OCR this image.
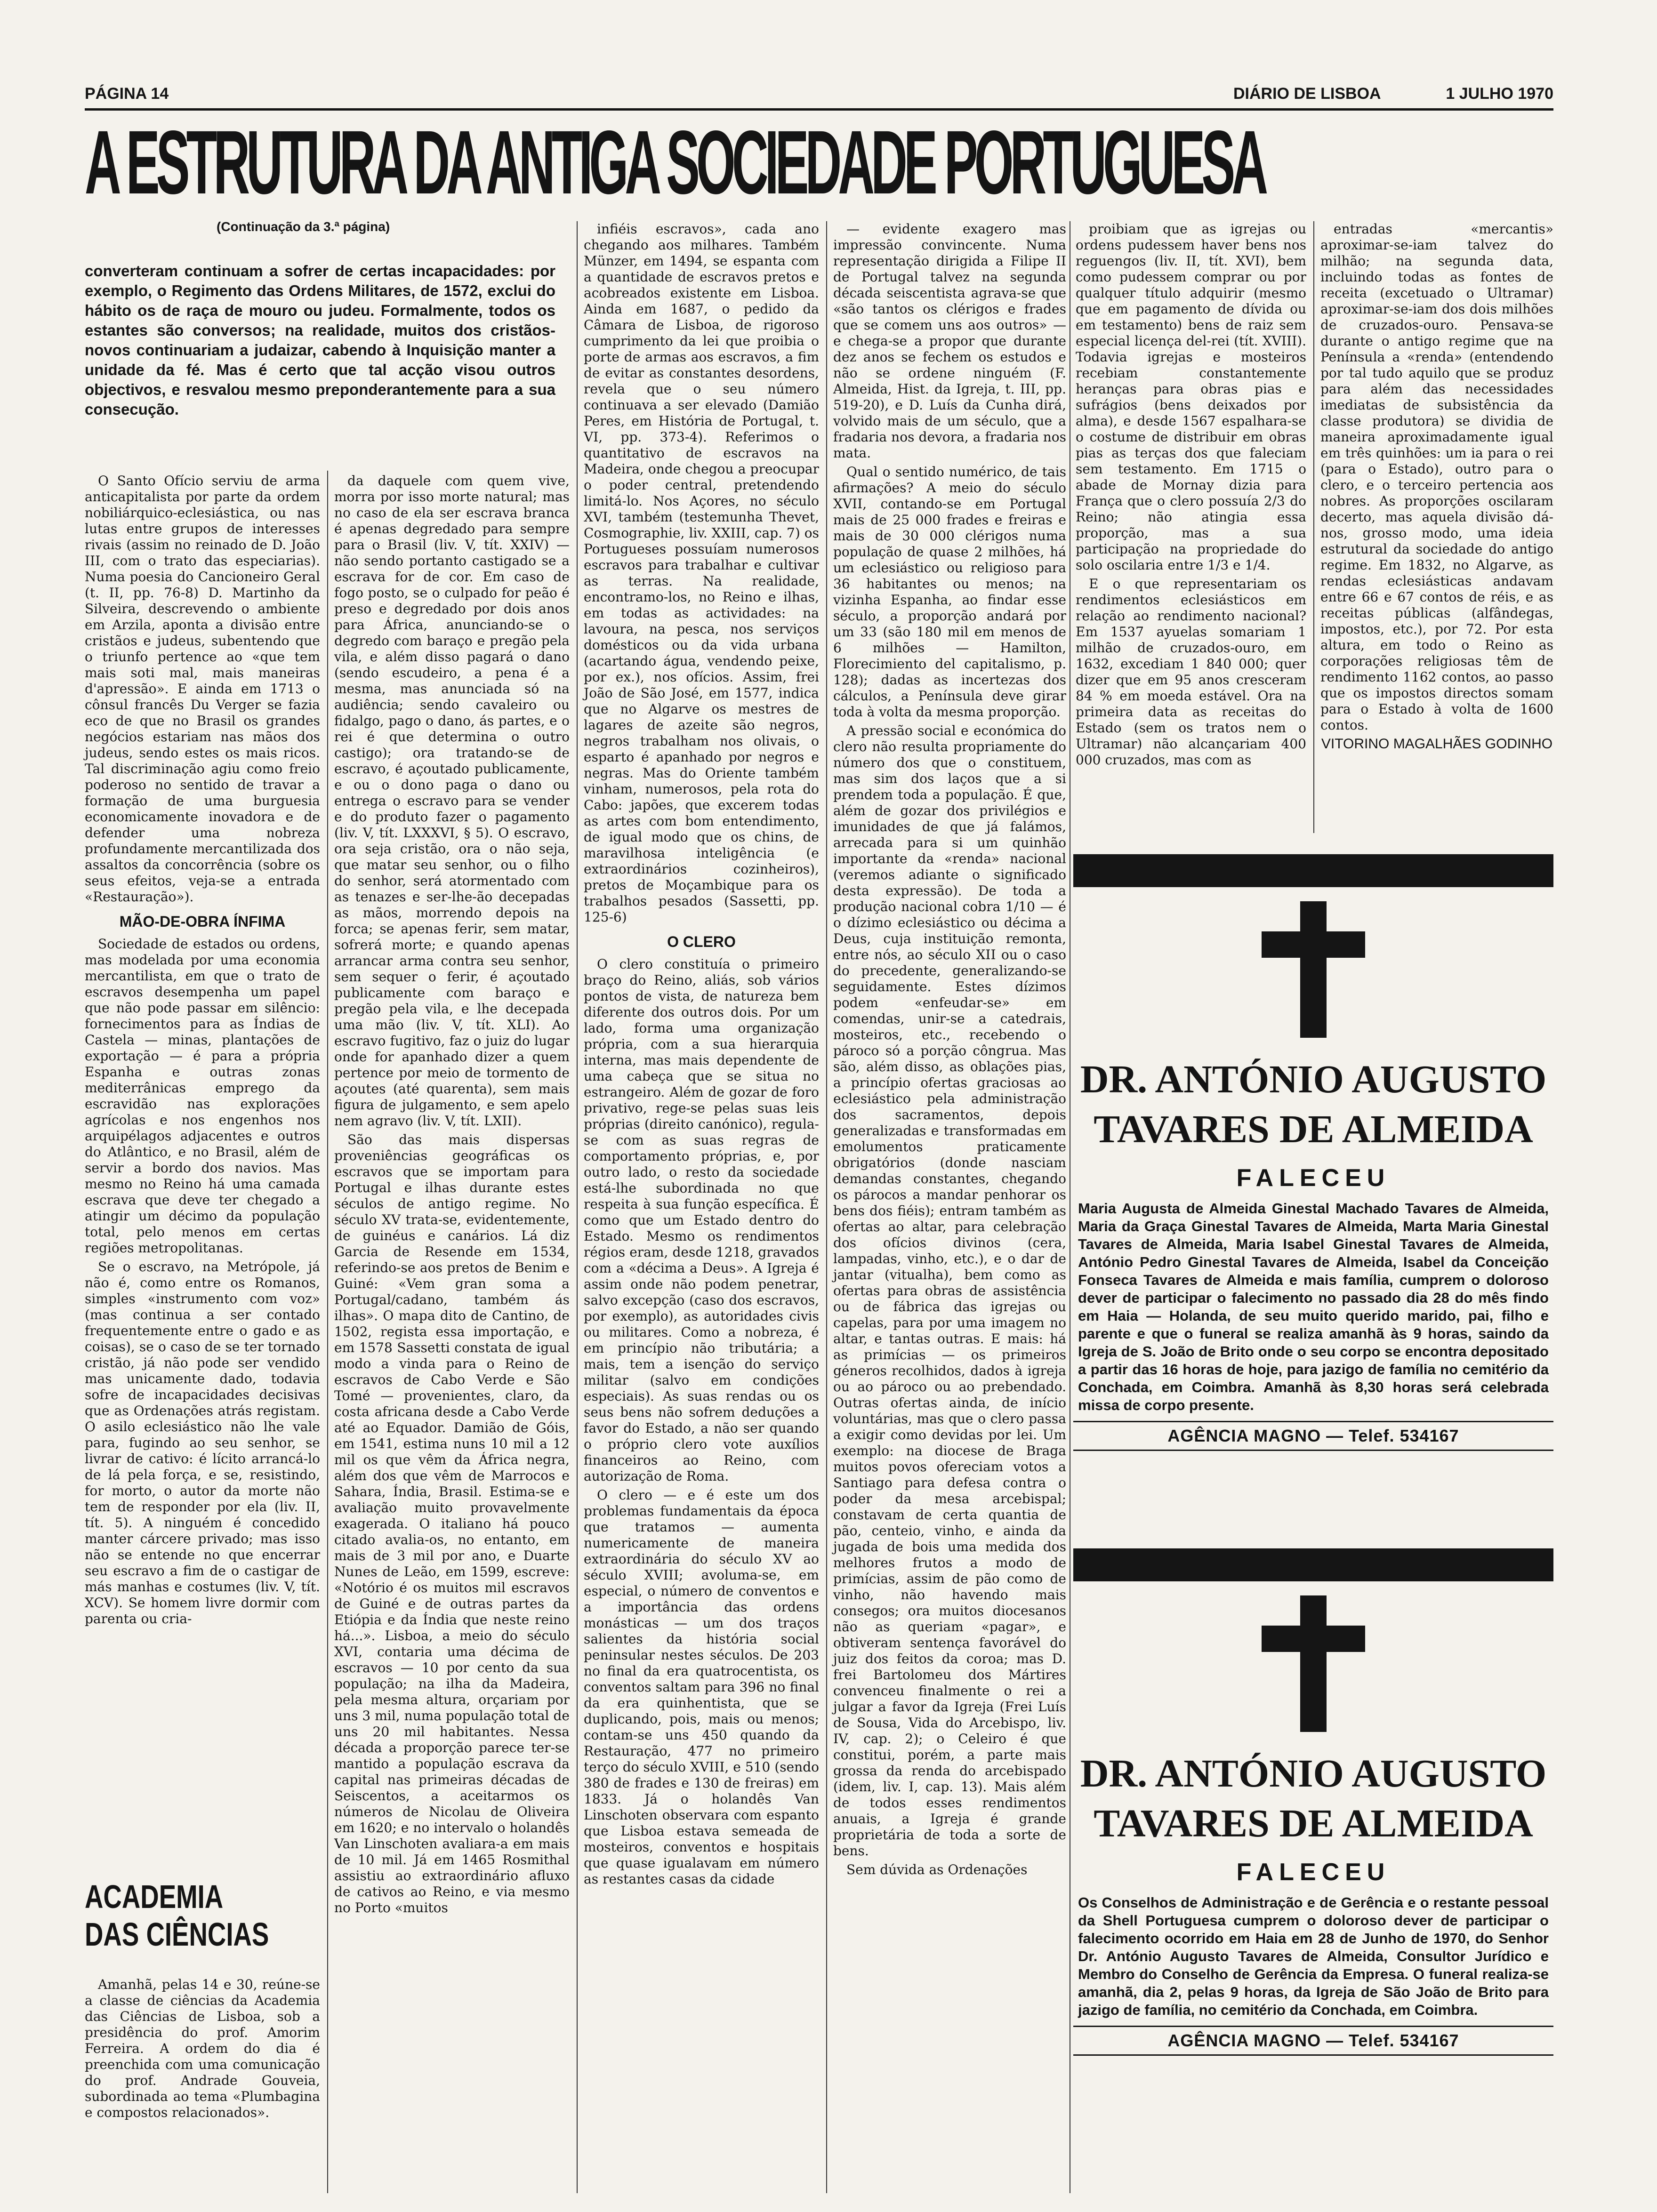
PÁGINA 14	DIÁRIO DE LISBOA	1 JULHO 1970
A ESTRUTURA DA ANTIGA SOCIEDADE PORTUGUESA
(Continuação da 3.ª página)
converteram continuam a sofrer de certas incapacidades: por exemplo, o Regimento das Ordens Militares, de 1572, exclui do hábito os de raça de mouro ou judeu. Formalmente, todos os estantes são conversos; na realidade, muitos dos cristãos-novos continuariam a judaizar, cabendo à Inquisição manter a unidade da fé. Mas é certo que tal acção visou outros objectivos, e resvalou mesmo preponderantemente para a sua consecução.

O Santo Ofício serviu de arma anticapitalista por parte da ordem nobiliárquico-eclesiástica, ou nas lutas entre grupos de interesses rivais (assim no reinado de D. João III, com o trato das especiarias). Numa poesia do Cancioneiro Geral (t. II, pp. 76-8) D. Martinho da Silveira, descrevendo o ambiente em Arzila, aponta a divisão entre cristãos e judeus, subentendo que o triunfo pertence ao «que tem mais soti mal, mais maneiras d'apressão». E ainda em 1713 o cônsul francês Du Verger se fazia eco de que no Brasil os grandes negócios estariam nas mãos dos judeus, sendo estes os mais ricos. Tal discriminação agiu como freio poderoso no sentido de travar a formação de uma burguesia economicamente inovadora e de defender uma nobreza profundamente mercantilizada dos assaltos da concorrência (sobre os seus efeitos, veja-se a entrada «Restauração»).

MÃO-DE-OBRA ÍNFIMA

Sociedade de estados ou ordens, mas modelada por uma economia mercantilista, em que o trato de escravos desempenha um papel que não pode passar em silêncio: fornecimentos para as Índias de Castela — minas, plantações de exportação — é para a própria Espanha e outras zonas mediterrânicas emprego da escravidão nas explorações agrícolas e nos engenhos nos arquipélagos adjacentes e outros do Atlântico, e no Brasil, além de servir a bordo dos navios. Mas mesmo no Reino há uma camada escrava que deve ter chegado a atingir um décimo da população total, pelo menos em certas regiões metropolitanas.

Se o escravo, na Metrópole, já não é, como entre os Romanos, simples «instrumento com voz» (mas continua a ser contado frequentemente entre o gado e as coisas), se o caso de se ter tornado cristão, já não pode ser vendido mas unicamente dado, todavia sofre de incapacidades decisivas que as Ordenações atrás registam. O asilo eclesiástico não lhe vale para, fugindo ao seu senhor, se livrar de cativo: é lícito arrancá-lo de lá pela força, e se, resistindo, for morto, o autor da morte não tem de responder por ela (liv. II, tít. 5). A ninguém é concedido manter cárcere privado; mas isso não se entende no que encerrar seu escravo a fim de o castigar de más manhas e costumes (liv. V, tít. XCV). Se homem livre dormir com parenta ou cria-

ACADEMIA
DAS CIÊNCIAS

Amanhã, pelas 14 e 30, reúne-se a classe de ciências da Academia das Ciências de Lisboa, sob a presidência do prof. Amorim Ferreira. A ordem do dia é preenchida com uma comunicação do prof. Andrade Gouveia, subordinada ao tema «Plumbagina e compostos relacionados».

da daquele com quem vive, morra por isso morte natural; mas no caso de ela ser escrava branca é apenas degredado para sempre para o Brasil (liv. V, tít. XXIV) — não sendo portanto castigado se a escrava for de cor. Em caso de fogo posto, se o culpado for peão é preso e degredado por dois anos para África, anunciando-se o degredo com baraço e pregão pela vila, e além disso pagará o dano (sendo escudeiro, a pena é a mesma, mas anunciada só na audiência; sendo cavaleiro ou fidalgo, pago o dano, ás partes, e o rei é que determina o outro castigo); ora tratando-se de escravo, é açoutado publicamente, e ou o dono paga o dano ou entrega o escravo para se vender e do produto fazer o pagamento (liv. V, tít. LXXXVI, § 5). O escravo, ora seja cristão, ora o não seja, que matar seu senhor, ou o filho do senhor, será atormentado com as tenazes e ser-lhe-ão decepadas as mãos, morrendo depois na forca; se apenas ferir, sem matar, sofrerá morte; e quando apenas arrancar arma contra seu senhor, sem sequer o ferir, é açoutado publicamente com baraço e pregão pela vila, e lhe decepada uma mão (liv. V, tít. XLI). Ao escravo fugitivo, faz o juiz do lugar onde for apanhado dizer a quem pertence por meio de tormento de açoutes (até quarenta), sem mais figura de julgamento, e sem apelo nem agravo (liv. V, tít. LXII).

São das mais dispersas proveniências geográficas os escravos que se importam para Portugal e ilhas durante estes séculos de antigo regime. No século XV trata-se, evidentemente, de guinéus e canários. Lá diz Garcia de Resende em 1534, referindo-se aos pretos de Benim e Guiné: «Vem gran soma a Portugal/cadano, também ás ilhas». O mapa dito de Cantino, de 1502, regista essa importação, e em 1578 Sassetti constata de igual modo a vinda para o Reino de escravos de Cabo Verde e São Tomé — provenientes, claro, da costa africana desde a Cabo Verde até ao Equador. Damião de Góis, em 1541, estima nuns 10 mil a 12 mil os que vêm da África negra, além dos que vêm de Marrocos e Sahara, Índia, Brasil. Estima-se e avaliação muito provavelmente exagerada. O italiano há pouco citado avalia-os, no entanto, em mais de 3 mil por ano, e Duarte Nunes de Leão, em 1599, escreve: «Notório é os muitos mil escravos de Guiné e de outras partes da Etiópia e da Índia que neste reino há...». Lisboa, a meio do século XVI, contaria uma décima de escravos — 10 por cento da sua população; na ilha da Madeira, pela mesma altura, orçariam por uns 3 mil, numa população total de uns 20 mil habitantes. Nessa década a proporção parece ter-se mantido a população escrava da capital nas primeiras décadas de Seiscentos, a aceitarmos os números de Nicolau de Oliveira em 1620; e no intervalo o holandês Van Linschoten avaliara-a em mais de 10 mil. Já em 1465 Rosmithal assistiu ao extraordinário afluxo de cativos ao Reino, e via mesmo no Porto «muitos

infiéis escravos», cada ano chegando aos milhares. Também Münzer, em 1494, se espanta com a quantidade de escravos pretos e acobreados existente em Lisboa. Ainda em 1687, o pedido da Câmara de Lisboa, de rigoroso cumprimento da lei que proibia o porte de armas aos escravos, a fim de evitar as constantes desordens, revela que o seu número continuava a ser elevado (Damião Peres, em História de Portugal, t. VI, pp. 373-4). Referimos o quantitativo de escravos na Madeira, onde chegou a preocupar o poder central, pretendendo limitá-lo. Nos Açores, no século XVI, também (testemunha Thevet, Cosmographie, liv. XXIII, cap. 7) os Portugueses possuíam numerosos escravos para trabalhar e cultivar as terras. Na realidade, encontramo-los, no Reino e ilhas, em todas as actividades: na lavoura, na pesca, nos serviços domésticos ou da vida urbana (acartando água, vendendo peixe, por ex.), nos ofícios. Assim, frei João de São José, em 1577, indica que no Algarve os mestres de lagares de azeite são negros, negros trabalham nos olivais, o esparto é apanhado por negros e negras. Mas do Oriente também vinham, numerosos, pela rota do Cabo: japões, que excerem todas as artes com bom entendimento, de igual modo que os chins, de maravilhosa inteligência (e extraordinários cozinheiros), pretos de Moçambique para os trabalhos pesados (Sassetti, pp. 125-6)

O CLERO

O clero constituía o primeiro braço do Reino, aliás, sob vários pontos de vista, de natureza bem diferente dos outros dois. Por um lado, forma uma organização própria, com a sua hierarquia interna, mas mais dependente de uma cabeça que se situa no estrangeiro. Além de gozar de foro privativo, rege-se pelas suas leis próprias (direito canónico), regula-se com as suas regras de comportamento próprias, e, por outro lado, o resto da sociedade está-lhe subordinada no que respeita à sua função específica. É como que um Estado dentro do Estado. Mesmo os rendimentos régios eram, desde 1218, gravados com a «décima a Deus». A Igreja é assim onde não podem penetrar, salvo excepção (caso dos escravos, por exemplo), as autoridades civis ou militares. Como a nobreza, é em princípio não tributária; a mais, tem a isenção do serviço militar (salvo em condições especiais). As suas rendas ou os seus bens não sofrem deduções a favor do Estado, a não ser quando o próprio clero vote auxílios financeiros ao Reino, com autorização de Roma.

O clero — e é este um dos problemas fundamentais da época que tratamos — aumenta numericamente de maneira extraordinária do século XV ao século XVIII; avoluma-se, em especial, o número de conventos e a importância das ordens monásticas — um dos traços salientes da história social peninsular nestes séculos. De 203 no final da era quatrocentista, os conventos saltam para 396 no final da era quinhentista, que se duplicando, pois, mais ou menos; contam-se uns 450 quando da Restauração, 477 no primeiro terço do século XVIII, e 510 (sendo 380 de frades e 130 de freiras) em 1833. Já o holandês Van Linschoten observara com espanto que Lisboa estava semeada de mosteiros, conventos e hospitais que quase igualavam em número as restantes casas da cidade

— evidente exagero mas impressão convincente. Numa representação dirigida a Filipe II de Portugal talvez na segunda década seiscentista agrava-se que «são tantos os clérigos e frades que se comem uns aos outros» — e chega-se a propor que durante dez anos se fechem os estudos e não se ordene ninguém (F. Almeida, Hist. da Igreja, t. III, pp. 519-20), e D. Luís da Cunha dirá, volvido mais de um século, que a fradaria nos devora, a fradaria nos mata.

Qual o sentido numérico, de tais afirmações? A meio do século XVII, contando-se em Portugal mais de 25 000 frades e freiras e mais de 30 000 clérigos numa população de quase 2 milhões, há um eclesiástico ou religioso para 36 habitantes ou menos; na vizinha Espanha, ao findar esse século, a proporção andará por um 33 (são 180 mil em menos de 6 milhões — Hamilton, Florecimiento del capitalismo, p. 128); dadas as incertezas dos cálculos, a Península deve girar toda à volta da mesma proporção.

A pressão social e económica do clero não resulta propriamente do número dos que o constituem, mas sim dos laços que a si prendem toda a população. É que, além de gozar dos privilégios e imunidades de que já falámos, arrecada para si um quinhão importante da «renda» nacional (veremos adiante o significado desta expressão). De toda a produção nacional cobra 1/10 — é o dízimo eclesiástico ou décima a Deus, cuja instituição remonta, entre nós, ao século XII ou o caso do precedente, generalizando-se seguidamente. Estes dízimos podem «enfeudar-se» em comendas, unir-se a catedrais, mosteiros, etc., recebendo o pároco só a porção côngrua. Mas são, além disso, as oblações pias, a princípio ofertas graciosas ao eclesiástico pela administração dos sacramentos, depois generalizadas e transformadas em emolumentos praticamente obrigatórios (donde nasciam demandas constantes, chegando os párocos a mandar penhorar os bens dos fiéis); entram também as ofertas ao altar, para celebração dos ofícios divinos (cera, lampadas, vinho, etc.), e o dar de jantar (vitualha), bem como as ofertas para obras de assistência ou de fábrica das igrejas ou capelas, para por uma imagem no altar, e tantas outras. E mais: há as primícias — os primeiros géneros recolhidos, dados à igreja ou ao pároco ou ao prebendado. Outras ofertas ainda, de início voluntárias, mas que o clero passa a exigir como devidas por lei. Um exemplo: na diocese de Braga muitos povos ofereciam votos a Santiago para defesa contra o poder da mesa arcebispal; constavam de certa quantia de pão, centeio, vinho, e ainda da jugada de bois uma medida dos melhores frutos a modo de primícias, assim de pão como de vinho, não havendo mais consegos; ora muitos diocesanos não as queriam «pagar», e obtiveram sentença favorável do juiz dos feitos da coroa; mas D. frei Bartolomeu dos Mártires convenceu finalmente o rei a julgar a favor da Igreja (Frei Luís de Sousa, Vida do Arcebispo, liv. IV, cap. 2); o Celeiro é que constitui, porém, a parte mais grossa da renda do arcebispado (idem, liv. I, cap. 13). Mais além de todos esses rendimentos anuais, a Igreja é grande proprietária de toda a sorte de bens.

Sem dúvida as Ordenações

proibiam que as igrejas ou ordens pudessem haver bens nos reguengos (liv. II, tít. XVI), bem como pudessem comprar ou por qualquer título adquirir (mesmo que em pagamento de dívida ou em testamento) bens de raiz sem especial licença del-rei (tít. XVIII). Todavia igrejas e mosteiros recebiam constantemente heranças para obras pias e sufrágios (bens deixados por alma), e desde 1567 espalhara-se o costume de distribuir em obras pias as terças dos que faleciam sem testamento. Em 1715 o abade de Mornay dizia para França que o clero possuía 2/3 do Reino; não atingia essa proporção, mas a sua participação na propriedade do solo oscilaria entre 1/3 e 1/4.

E o que representariam os rendimentos eclesiásticos em relação ao rendimento nacional? Em 1537 ayuelas somariam 1 milhão de cruzados-ouro, em 1632, excediam 1 840 000; quer dizer que em 95 anos cresceram 84 % em moeda estável. Ora na primeira data as receitas do Estado (sem os tratos nem o Ultramar) não alcançariam 400 000 cruzados, mas com as

entradas «mercantis» aproximar-se-iam talvez do milhão; na segunda data, incluindo todas as fontes de receita (excetuado o Ultramar) aproximar-se-iam dos dois milhões de cruzados-ouro. Pensava-se durante o antigo regime que na Península a «renda» (entendendo por tal tudo aquilo que se produz para além das necessidades imediatas de subsistência da classe produtora) se dividia de maneira aproximadamente igual em três quinhões: um ia para o rei (para o Estado), outro para o clero, e o terceiro pertencia aos nobres. As proporções oscilaram decerto, mas aquela divisão dá-nos, grosso modo, uma ideia estrutural da sociedade do antigo regime. Em 1832, no Algarve, as rendas eclesiásticas andavam entre 66 e 67 contos de réis, e as receitas públicas (alfândegas, impostos, etc.), por 72. Por esta altura, em todo o Reino as corporações religiosas têm de rendimento 1162 contos, ao passo que os impostos directos somam para o Estado à volta de 1600 contos.

VITORINO MAGALHÃES GODINHO

DR. ANTÓNIO AUGUSTO
TAVARES DE ALMEIDA
FALECEU
Maria Augusta de Almeida Ginestal Machado Tavares de Almeida, Maria da Graça Ginestal Tavares de Almeida, Marta Maria Ginestal Tavares de Almeida, Maria Isabel Ginestal Tavares de Almeida, António Pedro Ginestal Tavares de Almeida, Isabel da Conceição Fonseca Tavares de Almeida e mais família, cumprem o doloroso dever de participar o falecimento no passado dia 28 do mês findo em Haia — Holanda, de seu muito querido marido, pai, filho e parente e que o funeral se realiza amanhã às 9 horas, saindo da Igreja de S. João de Brito onde o seu corpo se encontra depositado a partir das 16 horas de hoje, para jazigo de família no cemitério da Conchada, em Coimbra. Amanhã às 8,30 horas será celebrada missa de corpo presente.
AGÊNCIA MAGNO — Telef. 534167
DR. ANTÓNIO AUGUSTO
TAVARES DE ALMEIDA
FALECEU
Os Conselhos de Administração e de Gerência e o restante pessoal da Shell Portuguesa cumprem o doloroso dever de participar o falecimento ocorrido em Haia em 28 de Junho de 1970, do Senhor Dr. António Augusto Tavares de Almeida, Consultor Jurídico e Membro do Conselho de Gerência da Empresa. O funeral realiza-se amanhã, dia 2, pelas 9 horas, da Igreja de São João de Brito para jazigo de família, no cemitério da Conchada, em Coimbra.
AGÊNCIA MAGNO — Telef. 534167
